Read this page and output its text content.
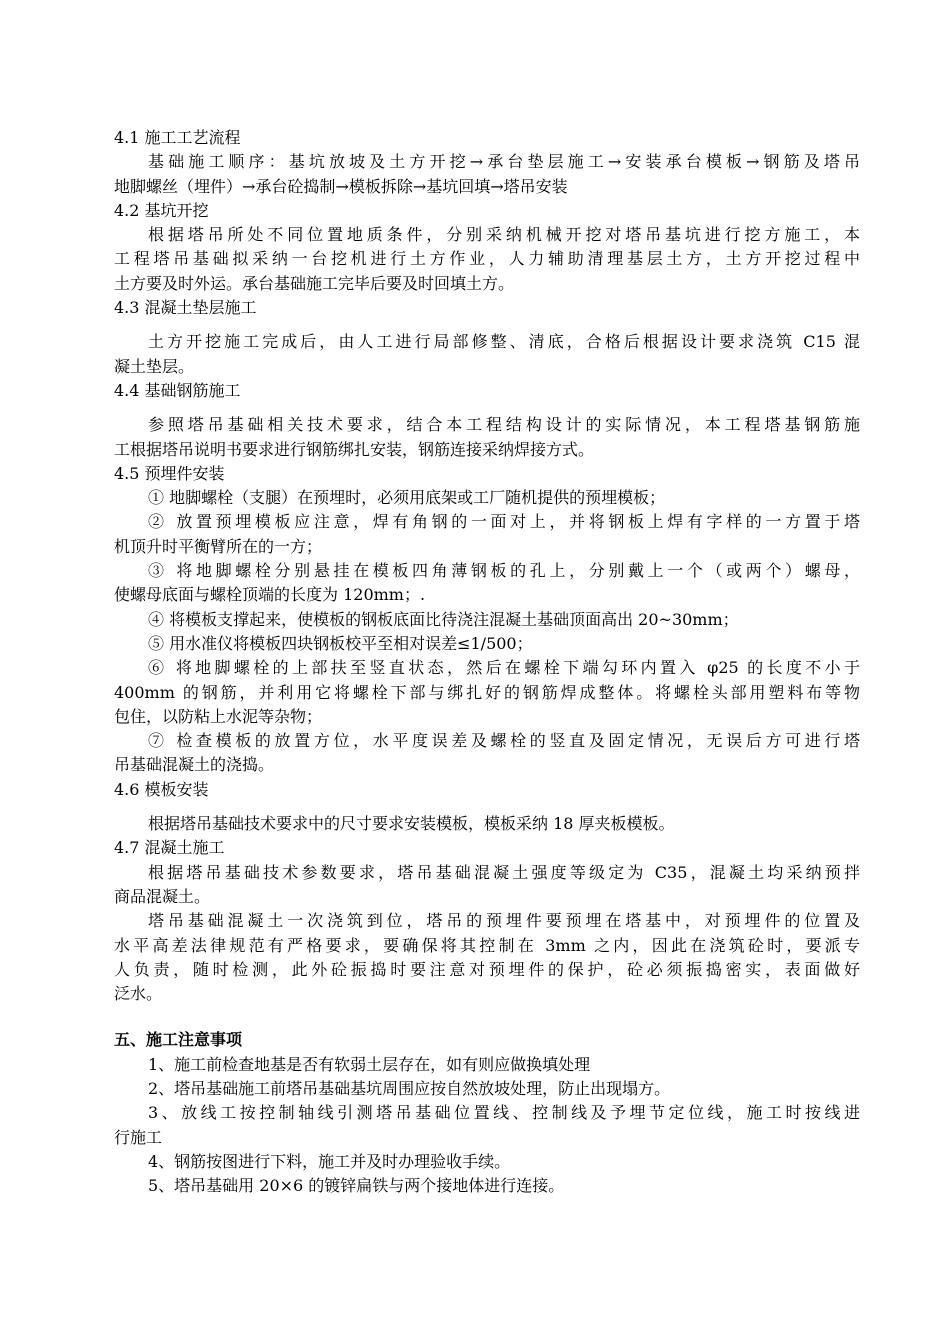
4.1 施工工艺流程
基础施工顺序：基坑放坡及土方开挖→承台垫层施工→安装承台模板→钢筋及塔吊
地脚螺丝（埋件）→承台砼捣制→模板拆除→基坑回填→塔吊安装
4.2 基坑开挖
根据塔吊所处不同位置地质条件，分别采纳机械开挖对塔吊基坑进行挖方施工，本
工程塔吊基础拟采纳一台挖机进行土方作业，人力辅助清理基层土方，土方开挖过程中
土方要及时外运。承台基础施工完毕后要及时回填土方。
4.3 混凝土垫层施工
土方开挖施工完成后，由人工进行局部修整、清底，合格后根据设计要求浇筑 C15 混
凝土垫层。
4.4 基础钢筋施工
参照塔吊基础相关技术要求，结合本工程结构设计的实际情况，本工程塔基钢筋施
工根据塔吊说明书要求进行钢筋绑扎安装，钢筋连接采纳焊接方式。
4.5 预埋件安装
① 地脚螺栓（支腿）在预埋时，必须用底架或工厂随机提供的预埋模板；
② 放置预埋模板应注意，焊有角钢的一面对上，并将钢板上焊有字样的一方置于塔
机顶升时平衡臂所在的一方；
③ 将地脚螺栓分别悬挂在模板四角薄钢板的孔上，分别戴上一个（或两个）螺母，
使螺母底面与螺栓顶端的长度为 120mm；.
④ 将模板支撑起来，使模板的钢板底面比待浇注混凝土基础顶面高出 20~30mm；
⑤ 用水准仪将模板四块钢板校平至相对误差≤1/500；
⑥ 将地脚螺栓的上部扶至竖直状态，然后在螺栓下端勾环内置入 φ25 的长度不小于
400mm 的钢筋，并利用它将螺栓下部与绑扎好的钢筋焊成整体。将螺栓头部用塑料布等物
包住，以防粘上水泥等杂物；
⑦ 检查模板的放置方位，水平度误差及螺栓的竖直及固定情况，无误后方可进行塔
吊基础混凝土的浇捣。
4.6 模板安装
根据塔吊基础技术要求中的尺寸要求安装模板，模板采纳 18 厚夹板模板。
4.7 混凝土施工
根据塔吊基础技术参数要求，塔吊基础混凝土强度等级定为 C35，混凝土均采纳预拌
商品混凝土。
塔吊基础混凝土一次浇筑到位，塔吊的预埋件要预埋在塔基中，对预埋件的位置及
水平高差法律规范有严格要求，要确保将其控制在 3mm 之内，因此在浇筑砼时，要派专
人负责，随时检测，此外砼振捣时要注意对预埋件的保护，砼必须振捣密实，表面做好
泛水。
五、施工注意事项
1、施工前检查地基是否有软弱土层存在，如有则应做换填处理
2、塔吊基础施工前塔吊基础基坑周围应按自然放坡处理，防止出现塌方。
3、放线工按控制轴线引测塔吊基础位置线、控制线及予埋节定位线，施工时按线进
行施工
4、钢筋按图进行下料，施工并及时办理验收手续。
5、塔吊基础用 20×6 的镀锌扁铁与两个接地体进行连接。
